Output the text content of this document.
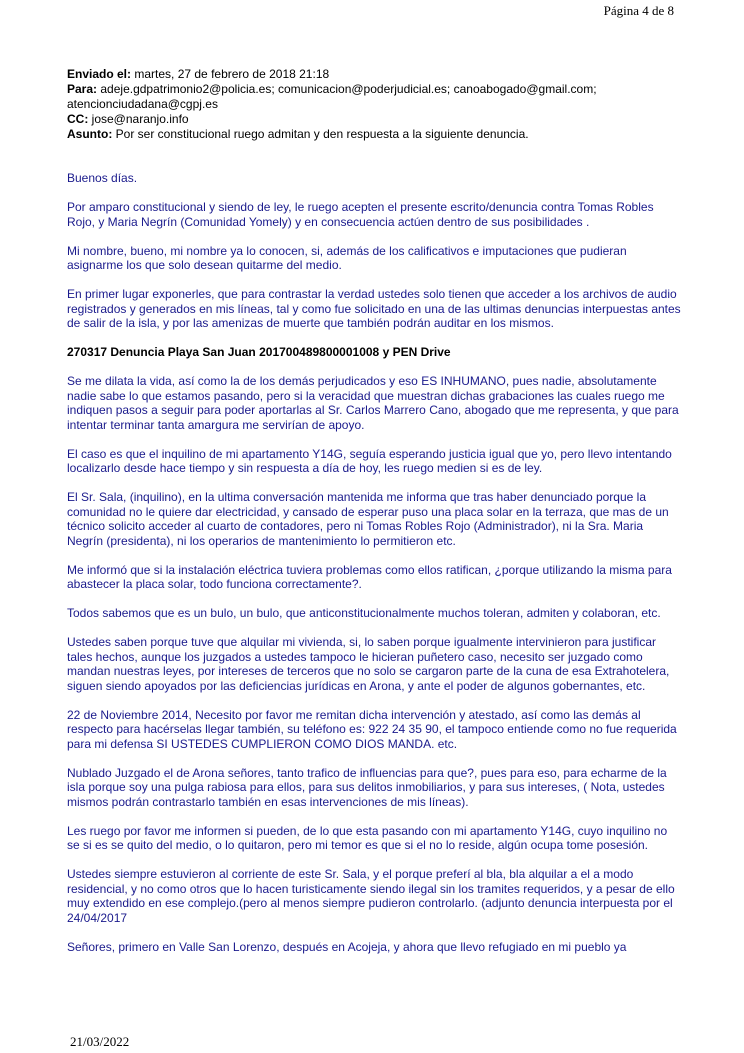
Página 4 de 8
Enviado el: martes, 27 de febrero de 2018 21:18
Para: adeje.gdpatrimonio2@policia.es; comunicacion@poderjudicial.es; canoabogado@gmail.com; atencionciudadana@cgpj.es
CC: jose@naranjo.info
Asunto: Por ser constitucional ruego admitan y den respuesta a la siguiente denuncia.

Buenos días.

Por amparo constitucional y siendo de ley, le ruego acepten el presente escrito/denuncia contra Tomas Robles Rojo, y Maria Negrín (Comunidad Yomely) y en consecuencia actúen dentro de sus posibilidades .

Mi nombre, bueno, mi nombre ya lo conocen, si, además de los calificativos e imputaciones que pudieran asignarme los que solo desean quitarme del medio.

En primer lugar exponerles, que para contrastar la verdad ustedes solo tienen que acceder a los archivos de audio registrados y generados en mis líneas, tal y como fue solicitado en una de las ultimas denuncias interpuestas antes de salir de la isla, y por las amenizas de muerte que también podrán auditar en los mismos.

270317 Denuncia Playa San Juan 201700489800001008 y PEN Drive

Se me dilata la vida, así como la de los demás perjudicados y eso ES INHUMANO, pues nadie, absolutamente nadie sabe lo que estamos pasando, pero si la veracidad que muestran dichas grabaciones las cuales ruego me indiquen pasos a seguir para poder aportarlas al Sr. Carlos Marrero Cano, abogado que me representa, y que para intentar terminar tanta amargura me servirían de apoyo.

El caso es que el inquilino de mi apartamento Y14G, seguía esperando justicia igual que yo, pero llevo intentando localizarlo desde hace tiempo y sin respuesta a día de hoy, les ruego medien si es de ley.

El Sr. Sala, (inquilino), en la ultima conversación mantenida me informa que tras haber denunciado porque la comunidad no le quiere dar electricidad, y cansado de esperar puso una placa solar en la terraza, que mas de un técnico solicito acceder al cuarto de contadores, pero ni Tomas Robles Rojo (Administrador), ni la Sra. Maria Negrín (presidenta), ni los operarios de mantenimiento lo permitieron etc.

Me informó que si la instalación eléctrica tuviera problemas como ellos ratifican, ¿porque utilizando la misma para abastecer la placa solar, todo funciona correctamente?.

Todos sabemos que es un bulo, un bulo, que anticonstitucionalmente muchos toleran, admiten y colaboran, etc.

Ustedes saben porque tuve que alquilar mi vivienda, si, lo saben porque igualmente intervinieron para justificar tales hechos, aunque los juzgados a ustedes tampoco le hicieran puñetero caso, necesito ser juzgado como mandan nuestras leyes, por intereses de terceros que no solo se cargaron parte de la cuna de esa Extrahotelera, siguen siendo apoyados por las deficiencias jurídicas en Arona, y ante el poder de algunos gobernantes, etc.

22 de Noviembre 2014, Necesito por favor me remitan dicha intervención y atestado, así como las demás al respecto para hacérselas llegar también, su teléfono es: 922 24 35 90, el tampoco entiende como no fue requerida para mi defensa SI USTEDES CUMPLIERON COMO DIOS MANDA. etc.

Nublado Juzgado el de Arona señores, tanto trafico de influencias para que?, pues para eso, para echarme de la isla porque soy una pulga rabiosa para ellos, para sus delitos inmobiliarios, y para sus intereses, ( Nota, ustedes mismos podrán contrastarlo también en esas intervenciones de mis líneas).

Les ruego por favor me informen si pueden, de lo que esta pasando con mi apartamento Y14G, cuyo inquilino no se si es se quito del medio, o lo quitaron, pero mi temor es que si el no lo reside, algún ocupa tome posesión.

Ustedes siempre estuvieron al corriente de este Sr. Sala, y el porque preferí al bla, bla alquilar a el a modo residencial, y no como otros que lo hacen turisticamente siendo ilegal sin los tramites requeridos, y a pesar de ello muy extendido en ese complejo.(pero al menos siempre pudieron controlarlo. (adjunto denuncia interpuesta por el 24/04/2017

Señores, primero en Valle San Lorenzo, después en Acojeja, y ahora que llevo refugiado en mi pueblo ya

21/03/2022
